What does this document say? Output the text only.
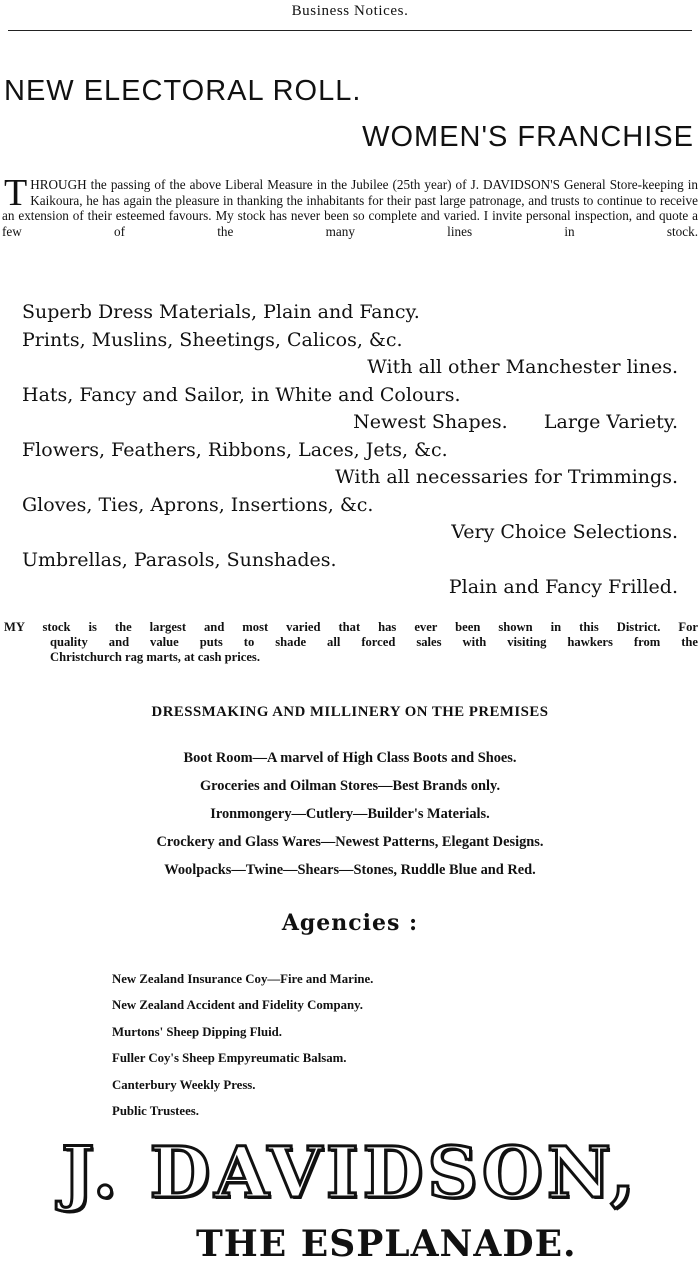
Business Notices.
NEW ELECTORAL ROLL.
WOMEN'S FRANCHISE
THROUGH the passing of the above Liberal Measure in the Jubilee (25th year) of J. DAVIDSON'S General Store-keeping in Kaikoura, he has again the pleasure in thanking the inhabitants for their past large patronage, and trusts to continue to receive an extension of their esteemed favours. My stock has never been so complete and varied. I invite personal inspection, and quote a few of the many lines in stock.
Superb Dress Materials, Plain and Fancy.
Prints, Muslins, Sheetings, Calicos, &c.
With all other Manchester lines.
Hats, Fancy and Sailor, in White and Colours.
Newest Shapes.      Large Variety.
Flowers, Feathers, Ribbons, Laces, Jets, &c.
With all necessaries for Trimmings.
Gloves, Ties, Aprons, Insertions, &c.
Very Choice Selections.
Umbrellas, Parasols, Sunshades.
Plain and Fancy Frilled.
MY stock is the largest and most varied that has ever been shown in this District. For
quality and value puts to shade all forced sales with visiting hawkers from the
Christchurch rag marts, at cash prices.
DRESSMAKING AND MILLINERY ON THE PREMISES
Boot Room—A marvel of High Class Boots and Shoes.
Groceries and Oilman Stores—Best Brands only.
Ironmongery—Cutlery—Builder's Materials.
Crockery and Glass Wares—Newest Patterns, Elegant Designs.
Woolpacks—Twine—Shears—Stones, Ruddle Blue and Red.
Agencies :
New Zealand Insurance Coy—Fire and Marine.
New Zealand Accident and Fidelity Company.
Murtons' Sheep Dipping Fluid.
Fuller Coy's Sheep Empyreumatic Balsam.
Canterbury Weekly Press.
Public Trustees.
J. DAVIDSON,
THE ESPLANADE.
